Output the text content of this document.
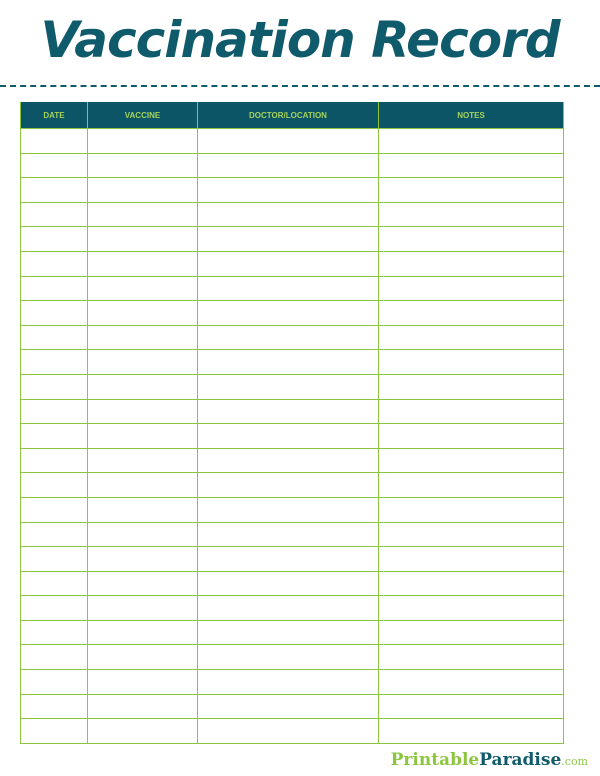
Vaccination Record
DATE	VACCINE	DOCTOR/LOCATION	NOTES

PrintableParadise.com
